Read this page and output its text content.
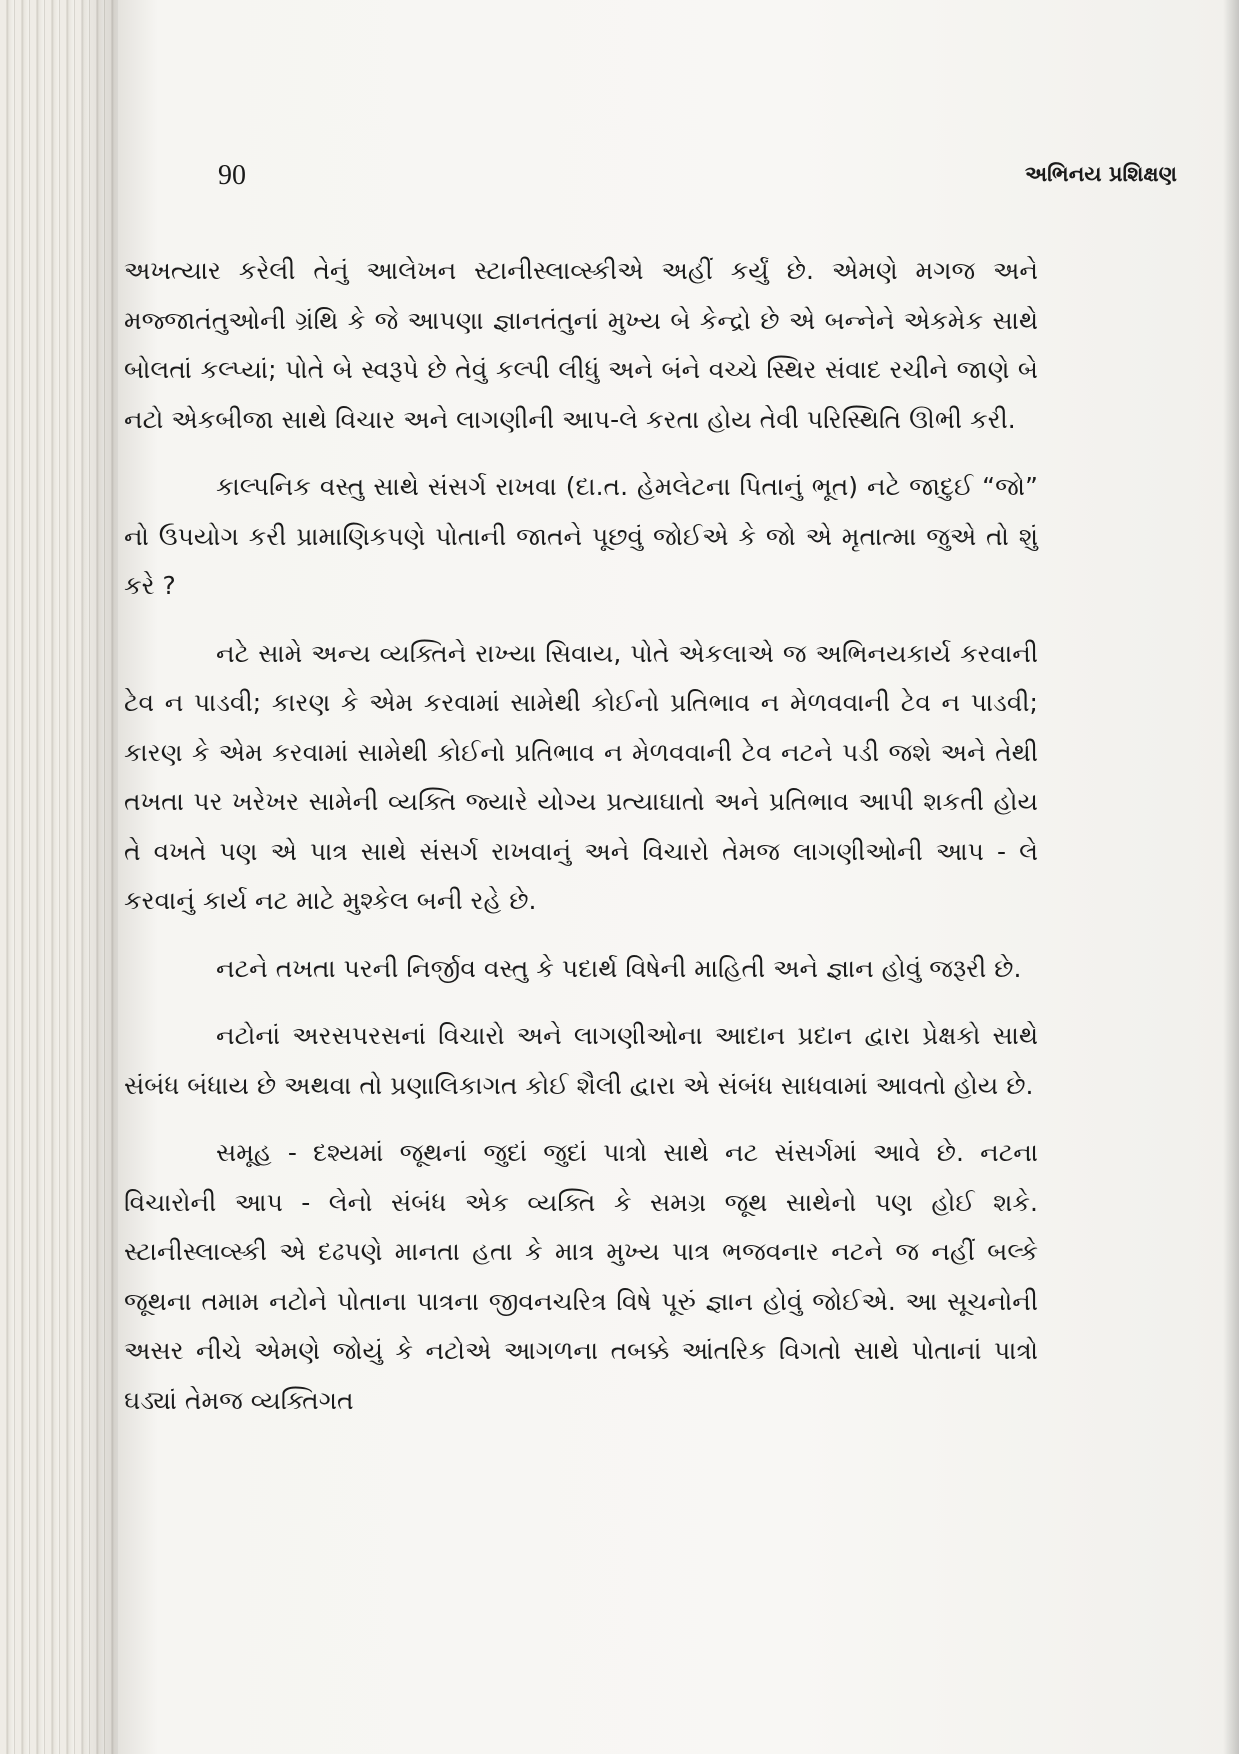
90	અભિનય પ્રશિક્ષણ

અખત્યાર કરેલી તેનું આલેખન સ્ટાનીસ્લાવ્સ્કીએ અહીં કર્યું છે. એમણે મગજ અને મજ્જાતંતુઓની ગ્રંથિ કે જે આપણા જ્ઞાનતંતુનાં મુખ્ય બે કેન્દ્રો છે એ બન્નેને એકમેક સાથે બોલતાં કલ્પ્યાં; પોતે બે સ્વરૂપે છે તેવું કલ્પી લીધું અને બંને વચ્ચે સ્થિર સંવાદ રચીને જાણે બે નટો એકબીજા સાથે વિચાર અને લાગણીની આપ-લે કરતા હોય તેવી પરિસ્થિતિ ઊભી કરી.

કાલ્પનિક વસ્તુ સાથે સંસર્ગ રાખવા (દા.ત. હેમલેટના પિતાનું ભૂત) નટે જાદુઈ “જો” નો ઉપયોગ કરી પ્રામાણિકપણે પોતાની જાતને પૂછવું જોઈએ કે જો એ મૃતાત્મા જુએ તો શું કરે ?

નટે સામે અન્ય વ્યક્તિને રાખ્યા સિવાય, પોતે એકલાએ જ અભિનયકાર્ય કરવાની ટેવ ન પાડવી; કારણ કે એમ કરવામાં સામેથી કોઈનો પ્રતિભાવ ન મેળવવાની ટેવ ન પાડવી; કારણ કે એમ કરવામાં સામેથી કોઈનો પ્રતિભાવ ન મેળવવાની ટેવ નટને પડી જશે અને તેથી તખતા પર ખરેખર સામેની વ્યક્તિ જ્યારે યોગ્ય પ્રત્યાઘાતો અને પ્રતિભાવ આપી શકતી હોય તે વખતે પણ એ પાત્ર સાથે સંસર્ગ રાખવાનું અને વિચારો તેમજ લાગણીઓની આપ - લે કરવાનું કાર્ય નટ માટે મુશ્કેલ બની રહે છે.

નટને તખતા પરની નિર્જીવ વસ્તુ કે પદાર્થ વિષેની માહિતી અને જ્ઞાન હોવું જરૂરી છે.

નટોનાં અરસપરસનાં વિચારો અને લાગણીઓના આદાન પ્રદાન દ્વારા પ્રેક્ષકો સાથે સંબંધ બંધાય છે અથવા તો પ્રણાલિકાગત કોઈ શૈલી દ્વારા એ સંબંધ સાધવામાં આવતો હોય છે.

સમૂહ - દશ્યમાં જૂથનાં જુદાં જુદાં પાત્રો સાથે નટ સંસર્ગમાં આવે છે. નટના વિચારોની આપ - લેનો સંબંધ એક વ્યક્તિ કે સમગ્ર જૂથ સાથેનો પણ હોઈ શકે. સ્ટાનીસ્લાવ્સ્કી એ દઢપણે માનતા હતા કે માત્ર મુખ્ય પાત્ર ભજવનાર નટને જ નહીં બલ્કે જૂથના તમામ નટોને પોતાના પાત્રના જીવનચરિત્ર વિષે પૂરું જ્ઞાન હોવું જોઈએ. આ સૂચનોની અસર નીચે એમણે જોયું કે નટોએ આગળના તબક્કે આંતરિક વિગતો સાથે પોતાનાં પાત્રો ઘડ્યાં તેમજ વ્યક્તિગત
